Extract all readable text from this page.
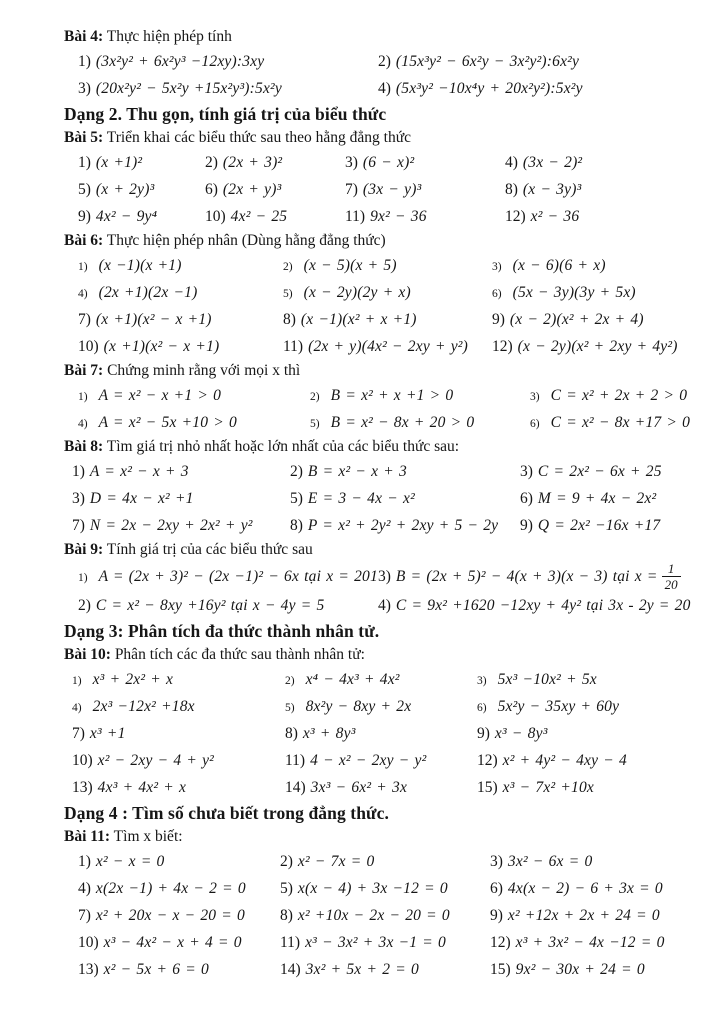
Bài 4: Thực hiện phép tính
1) (3x²y² + 6x²y³ −12xy):3xy	2) (15x³y² − 6x²y − 3x²y²):6x²y
3) (20x²y² − 5x²y +15x²y³):5x²y	4) (5x³y² −10x⁴y + 20x²y²):5x²y
Dạng 2. Thu gọn, tính giá trị của biểu thức
Bài 5: Triển khai các biểu thức sau theo hằng đẳng thức
1) (x +1)²	2) (2x + 3)²	3) (6 − x)²	4) (3x − 2)²
5) (x + 2y)³	6) (2x + y)³	7) (3x − y)³	8) (x − 3y)³
9) 4x² − 9y⁴	10) 4x² − 25	11) 9x² − 36	12) x² − 36
Bài 6: Thực hiện phép nhân (Dùng hằng đẳng thức)
1) (x −1)(x +1)	2) (x − 5)(x + 5)	3) (x − 6)(6 + x)
4) (2x +1)(2x −1)	5) (x − 2y)(2y + x)	6) (5x − 3y)(3y + 5x)
7) (x +1)(x² − x +1)	8) (x −1)(x² + x +1)	9) (x − 2)(x² + 2x + 4)
10) (x +1)(x² − x +1)	11) (2x + y)(4x² − 2xy + y²) 12) (x − 2y)(x² + 2xy + 4y²)
Bài 7: Chứng minh rằng với mọi x thì
1) A = x² − x +1 > 0	2) B = x² + x +1 > 0	3) C = x² + 2x + 2 > 0
4) A = x² − 5x +10 > 0	5) B = x² − 8x + 20 > 0	6) C = x² − 8x +17 > 0
Bài 8: Tìm giá trị nhỏ nhất hoặc lớn nhất của các biểu thức sau:
1) A = x² − x + 3	2) B = x² − x + 3	3) C = 2x² − 6x + 25
3) D = 4x − x² +1	5) E = 3 − 4x − x²	6) M = 9 + 4x − 2x²
7) N = 2x − 2xy + 2x² + y² 8) P = x² + 2y² + 2xy + 5 − 2y 9) Q = 2x² −16x +17
Bài 9: Tính giá trị của các biểu thức sau
1) A = (2x + 3)² − (2x −1)² − 6x tại x = 201 3) B = (2x + 5)² − 4(x + 3)(x − 3) tại $x = \frac{1}{20}$
2) C = x² − 8xy +16y² tại x − 4y = 5	4) C = 9x² +1620 −12xy + 4y² tại 3x - 2y = 20
Dạng 3: Phân tích đa thức thành nhân tử.
Bài 10: Phân tích các đa thức sau thành nhân tử:
1) x³ + 2x² + x	2) x⁴ − 4x³ + 4x²	3) 5x³ −10x² + 5x
4) 2x³ −12x² +18x	5) 8x²y − 8xy + 2x	6) 5x²y − 35xy + 60y
7) x³ +1	8) x³ + 8y³	9) x³ − 8y³
10) x² − 2xy − 4 + y²	11) 4 − x² − 2xy − y²	12) x² + 4y² − 4xy − 4
13) 4x³ + 4x² + x	14) 3x³ − 6x² + 3x	15) x³ − 7x² +10x
Dạng 4 : Tìm số chưa biết trong đẳng thức.
Bài 11: Tìm x biết:
1) x² − x = 0	2) x² − 7x = 0	3) 3x² − 6x = 0
4) x(2x −1) + 4x − 2 = 0 5) x(x − 4) + 3x −12 = 0	6) 4x(x − 2) − 6 + 3x = 0
7) x² + 20x − x − 20 = 0 8) x² +10x − 2x − 20 = 0	9) x² +12x + 2x + 24 = 0
10) x³ − 4x² − x + 4 = 0 11) x³ − 3x² + 3x −1 = 0	12) x³ + 3x² − 4x −12 = 0
13) x² − 5x + 6 = 0	14) 3x² + 5x + 2 = 0	15) 9x² − 30x + 24 = 0
